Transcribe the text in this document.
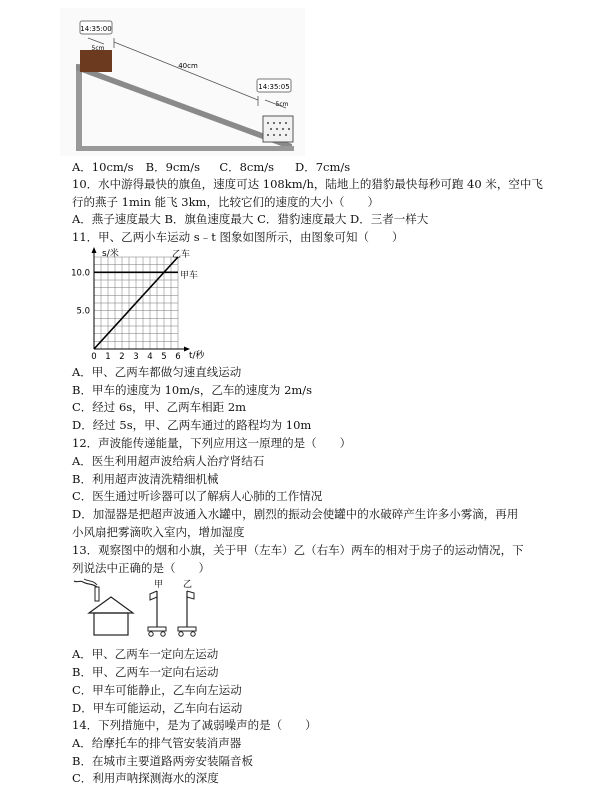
14:35:00
14:35:05
5cm
40cm
5cm
A．10cm/s B．9cm/s C．8cm/s D．7cm/s
10．水中游得最快的旗鱼，速度可达 108km/h，陆地上的猎豹最快每秒可跑 40 米，空中飞
行的燕子 1min 能飞 3km，比较它们的速度的大小（　　）
A．燕子速度最大 B．旗鱼速度最大 C．猎豹速度最大 D．三者一样大
11．甲、乙两小车运动 s﹣t 图象如图所示，由图象可知（　　）
0 1 2 3 4 5 6
5.0
10.0
s/米
t/秒
乙车
甲车
A．甲、乙两车都做匀速直线运动
B．甲车的速度为 10m/s，乙车的速度为 2m/s
C．经过 6s，甲、乙两车相距 2m
D．经过 5s，甲、乙两车通过的路程均为 10m
12．声波能传递能量，下列应用这一原理的是（　　）
A．医生利用超声波给病人治疗肾结石
B．利用超声波清洗精细机械
C．医生通过听诊器可以了解病人心肺的工作情况
D．加湿器是把超声波通入水罐中，剧烈的振动会使罐中的水破碎产生许多小雾滴，再用
小风扇把雾滴吹入室内，增加湿度
13．观察图中的烟和小旗，关于甲（左车）乙（右车）两车的相对于房子的运动情况，下
列说法中正确的是（　　）
甲 乙
A．甲、乙两车一定向左运动
B．甲、乙两车一定向右运动
C．甲车可能静止，乙车向左运动
D．甲车可能运动，乙车向右运动
14．下列措施中，是为了减弱噪声的是（　　）
A．给摩托车的排气管安装消声器
B．在城市主要道路两旁安装隔音板
C．利用声呐探测海水的深度
